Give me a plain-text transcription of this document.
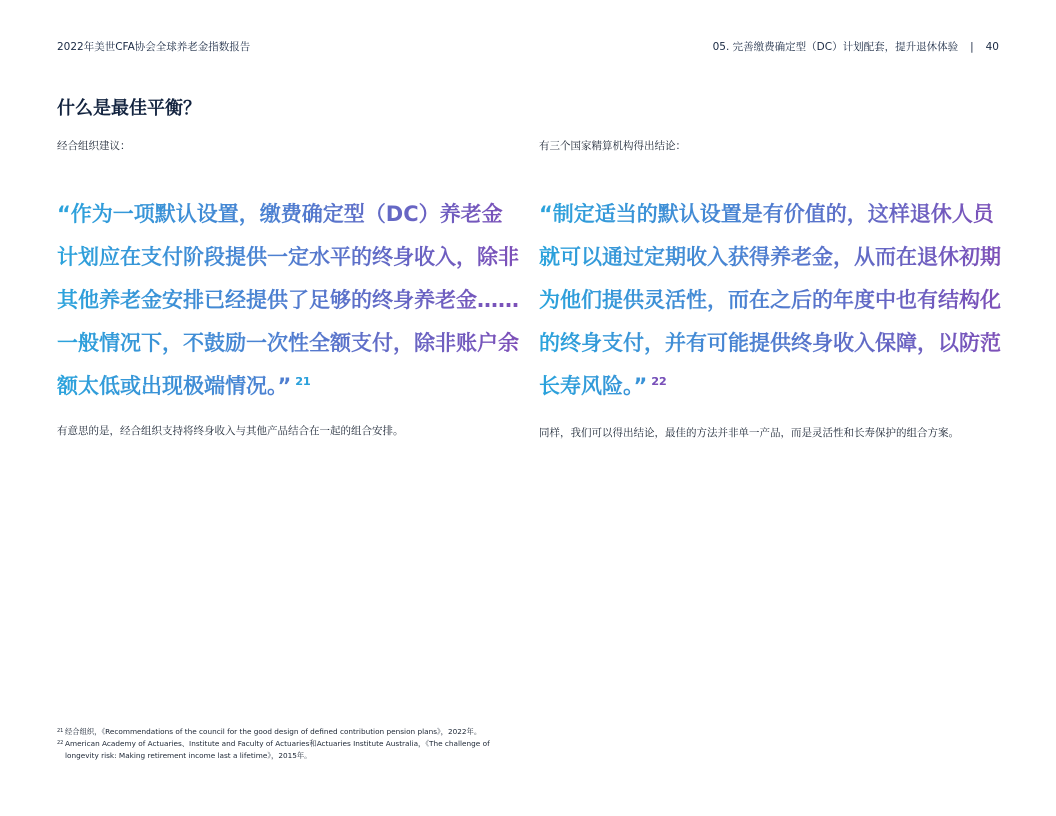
2022年美世CFA协会全球养老金指数报告	05. 完善缴费确定型（DC）计划配套，提升退休体验 | 40
什么是最佳平衡？

经合组织建议：

“作为一项默认设置，缴费确定型（DC）养老金计划应在支付阶段提供一定水平的终身收入，除非其他养老金安排已经提供了足够的终身养老金……一般情况下，不鼓励一次性全额支付，除非账户余额太低或出现极端情况。” $^{21}$

有意思的是，经合组织支持将终身收入与其他产品结合在一起的组合安排。

有三个国家精算机构得出结论：

“制定适当的默认设置是有价值的，这样退休人员就可以通过定期收入获得养老金，从而在退休初期为他们提供灵活性，而在之后的年度中也有结构化的终身支付，并有可能提供终身收入保障，以防范长寿风险。” $^{22}$

同样，我们可以得出结论，最佳的方法并非单一产品，而是灵活性和长寿保护的组合方案。

21 经合组织，《Recommendations of the council for the good design of defined contribution pension plans》，2022年。
22 American Academy of Actuaries、Institute and Faculty of Actuaries和Actuaries Institute Australia，《The challenge of longevity risk: Making retirement income last a lifetime》，2015年。
